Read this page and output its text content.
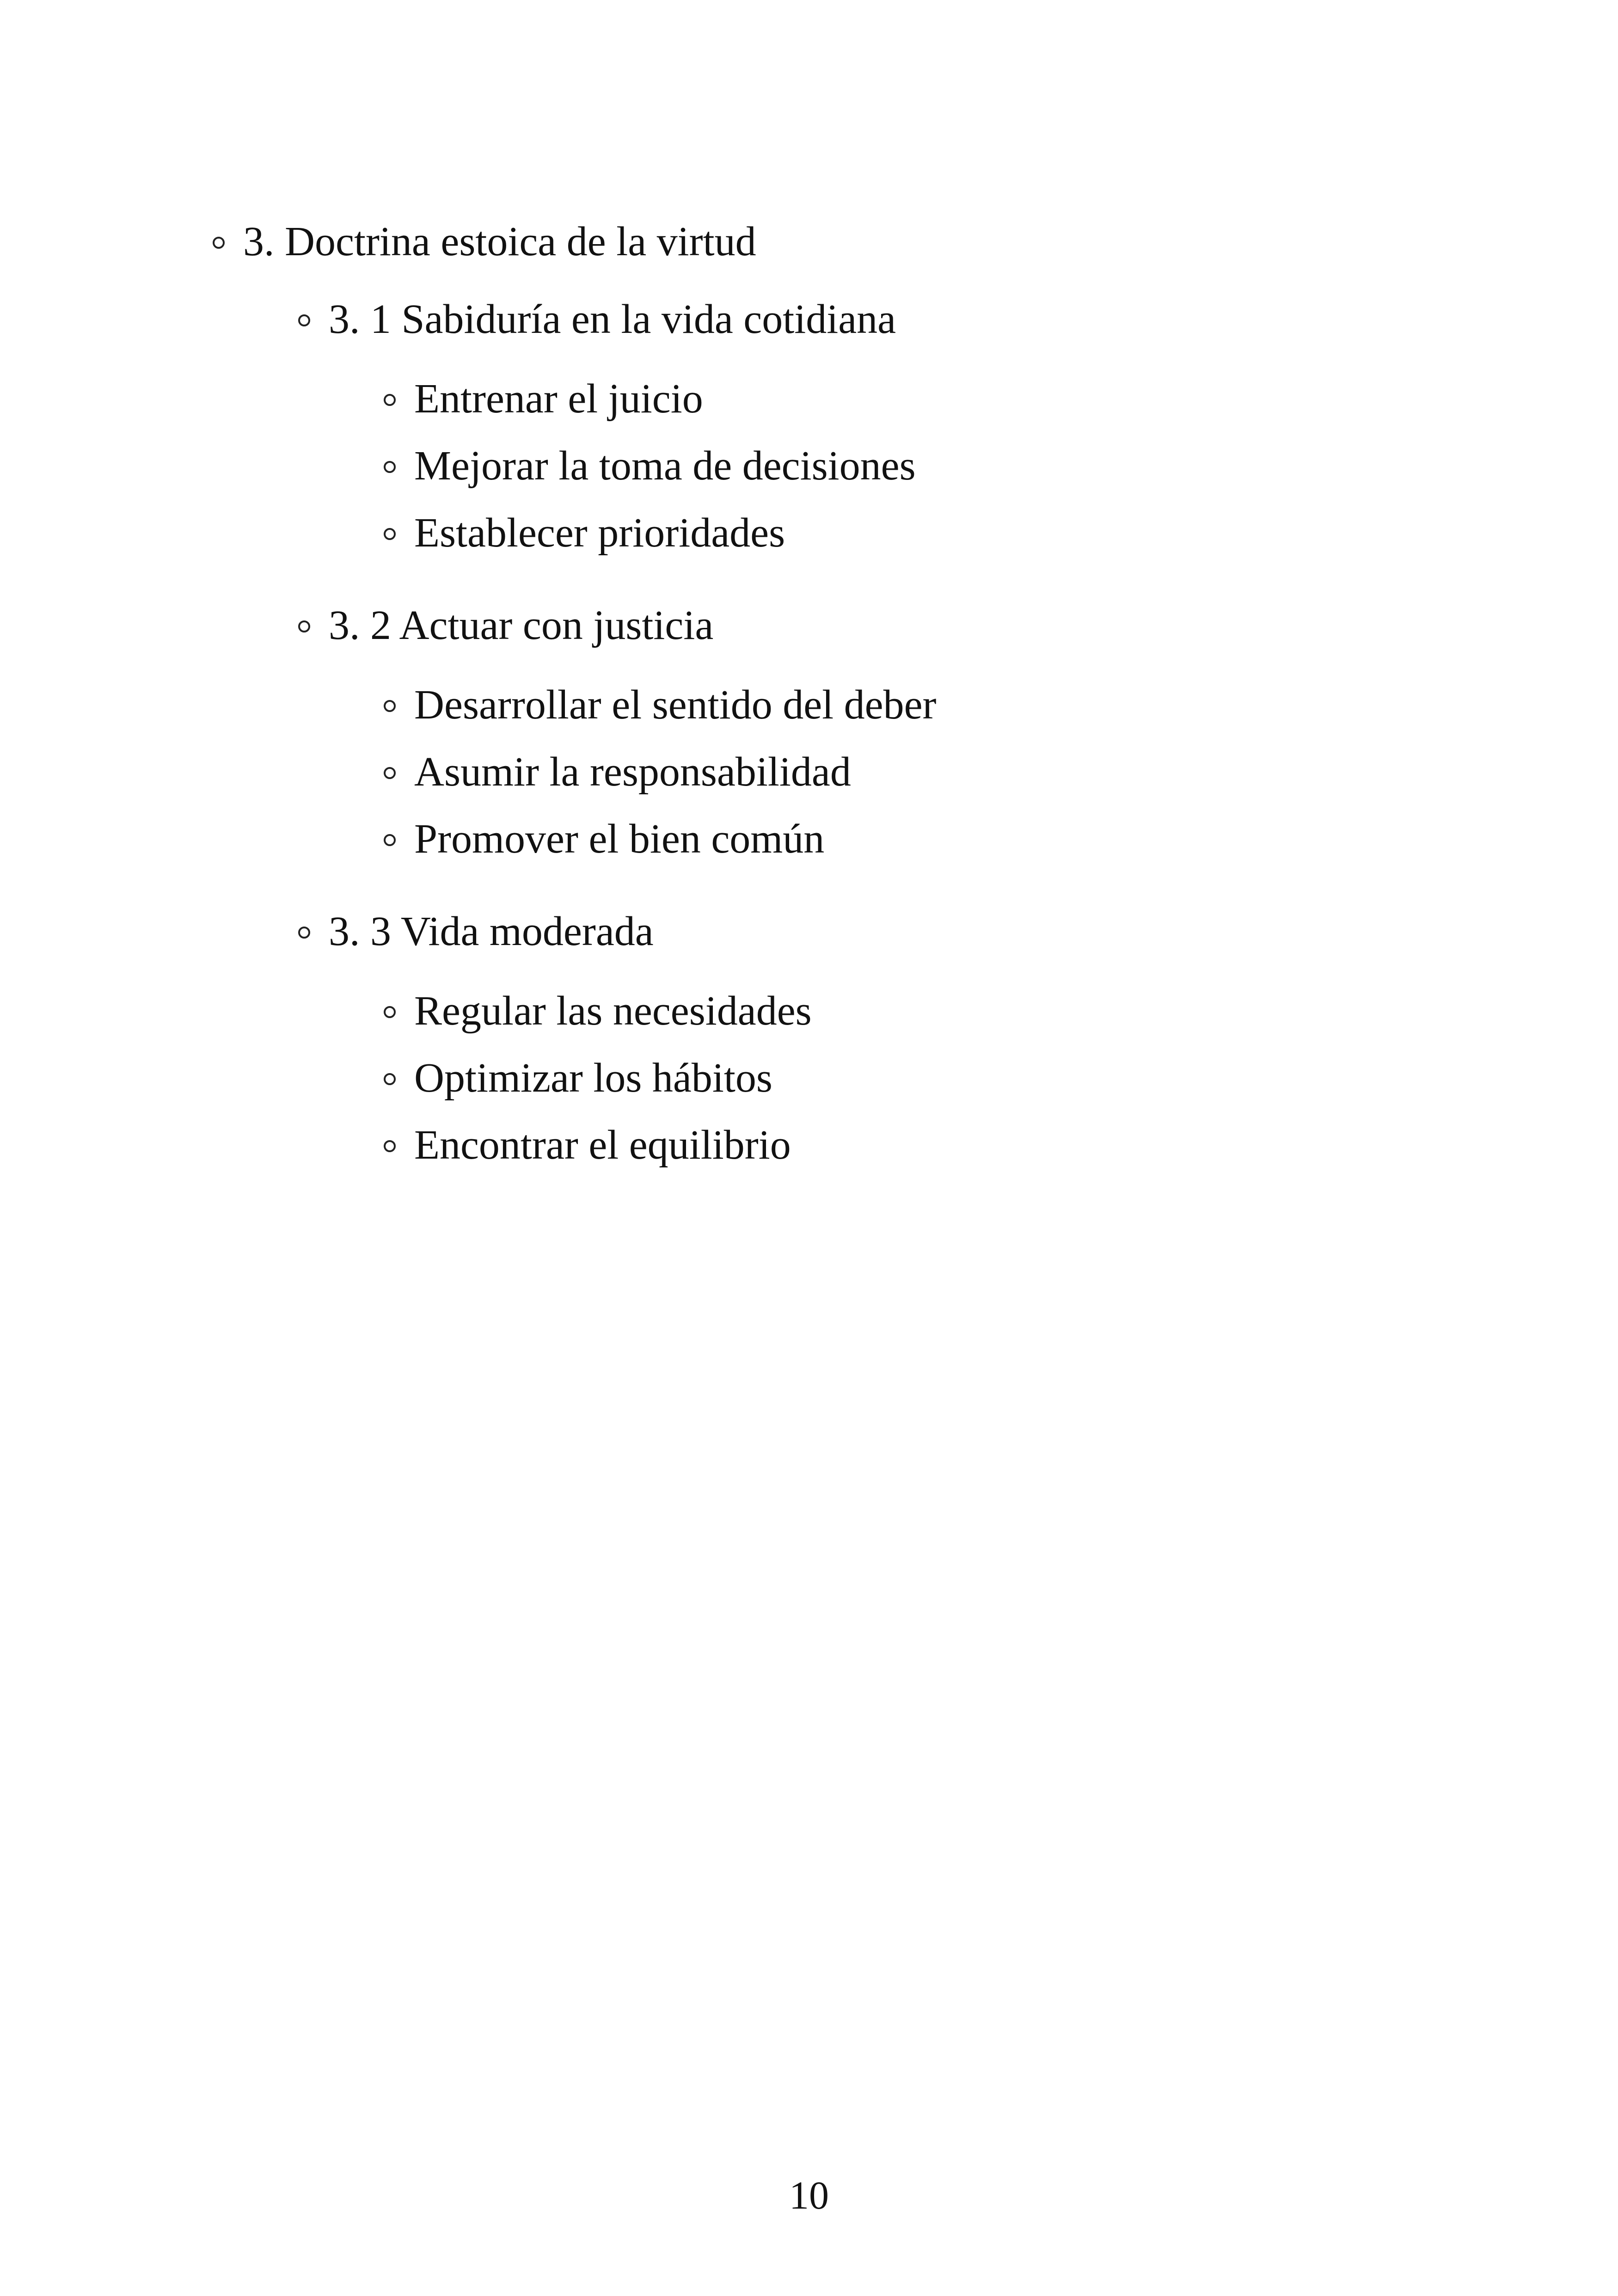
3. Doctrina estoica de la virtud
3. 1 Sabiduría en la vida cotidiana
Entrenar el juicio
Mejorar la toma de decisiones
Establecer prioridades
3. 2 Actuar con justicia
Desarrollar el sentido del deber
Asumir la responsabilidad
Promover el bien común
3. 3 Vida moderada
Regular las necesidades
Optimizar los hábitos
Encontrar el equilibrio
10
